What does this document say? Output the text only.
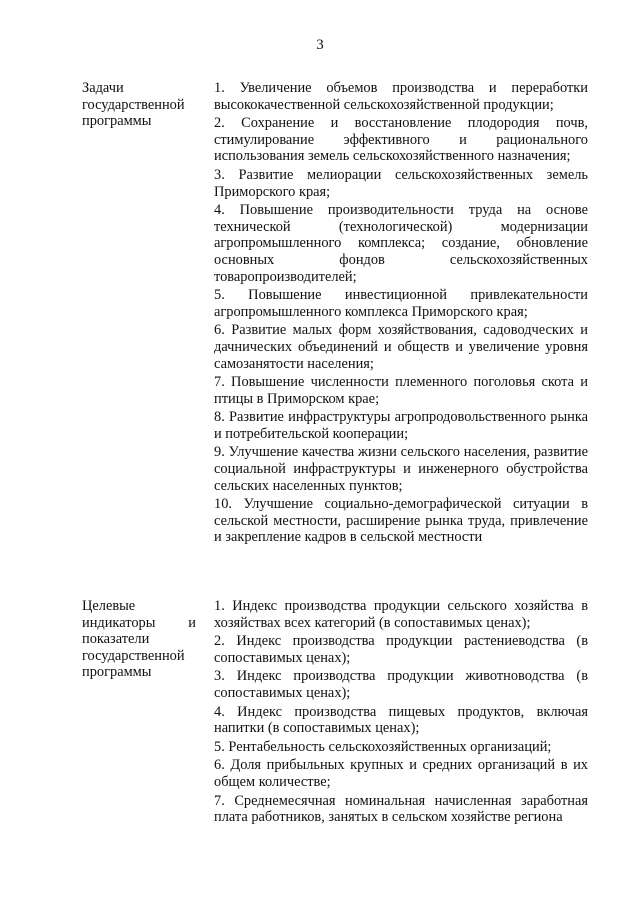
3
Задачи
государственной
программы
1. Увеличение объемов производства и переработки высококачественной сельскохозяйственной продукции;
2. Сохранение и восстановление плодородия почв, стимулирование эффективного и рационального использования земель сельскохозяйственного назначения;
3. Развитие мелиорации сельскохозяйственных земель Приморского края;
4. Повышение производительности труда на основе технической (технологической) модернизации агропромышленного комплекса; создание, обновление основных фондов сельскохозяйственных товаропроизводителей;
5. Повышение инвестиционной привлекательности агропромышленного комплекса Приморского края;
6. Развитие малых форм хозяйствования, садоводческих и дачнических объединений и обществ и увеличение уровня самозанятости населения;
7. Повышение численности племенного поголовья скота и птицы в Приморском крае;
8. Развитие инфраструктуры агропродовольственного рынка и потребительской кооперации;
9. Улучшение качества жизни сельского населения, развитие социальной инфраструктуры и инженерного обустройства сельских населенных пунктов;
10. Улучшение социально-демографической ситуации в сельской местности, расширение рынка труда, привлечение и закрепление кадров в сельской местности
Целевые
индикаторы и
показатели
государственной
программы
1. Индекс производства продукции сельского хозяйства в хозяйствах всех категорий (в сопоставимых ценах);
2. Индекс производства продукции растениеводства (в сопоставимых ценах);
3. Индекс производства продукции животноводства (в сопоставимых ценах);
4. Индекс производства пищевых продуктов, включая напитки (в сопоставимых ценах);
5. Рентабельность сельскохозяйственных организаций;
6. Доля прибыльных крупных и средних организаций в их общем количестве;
7. Среднемесячная номинальная начисленная заработная плата работников, занятых в сельском хозяйстве региона
